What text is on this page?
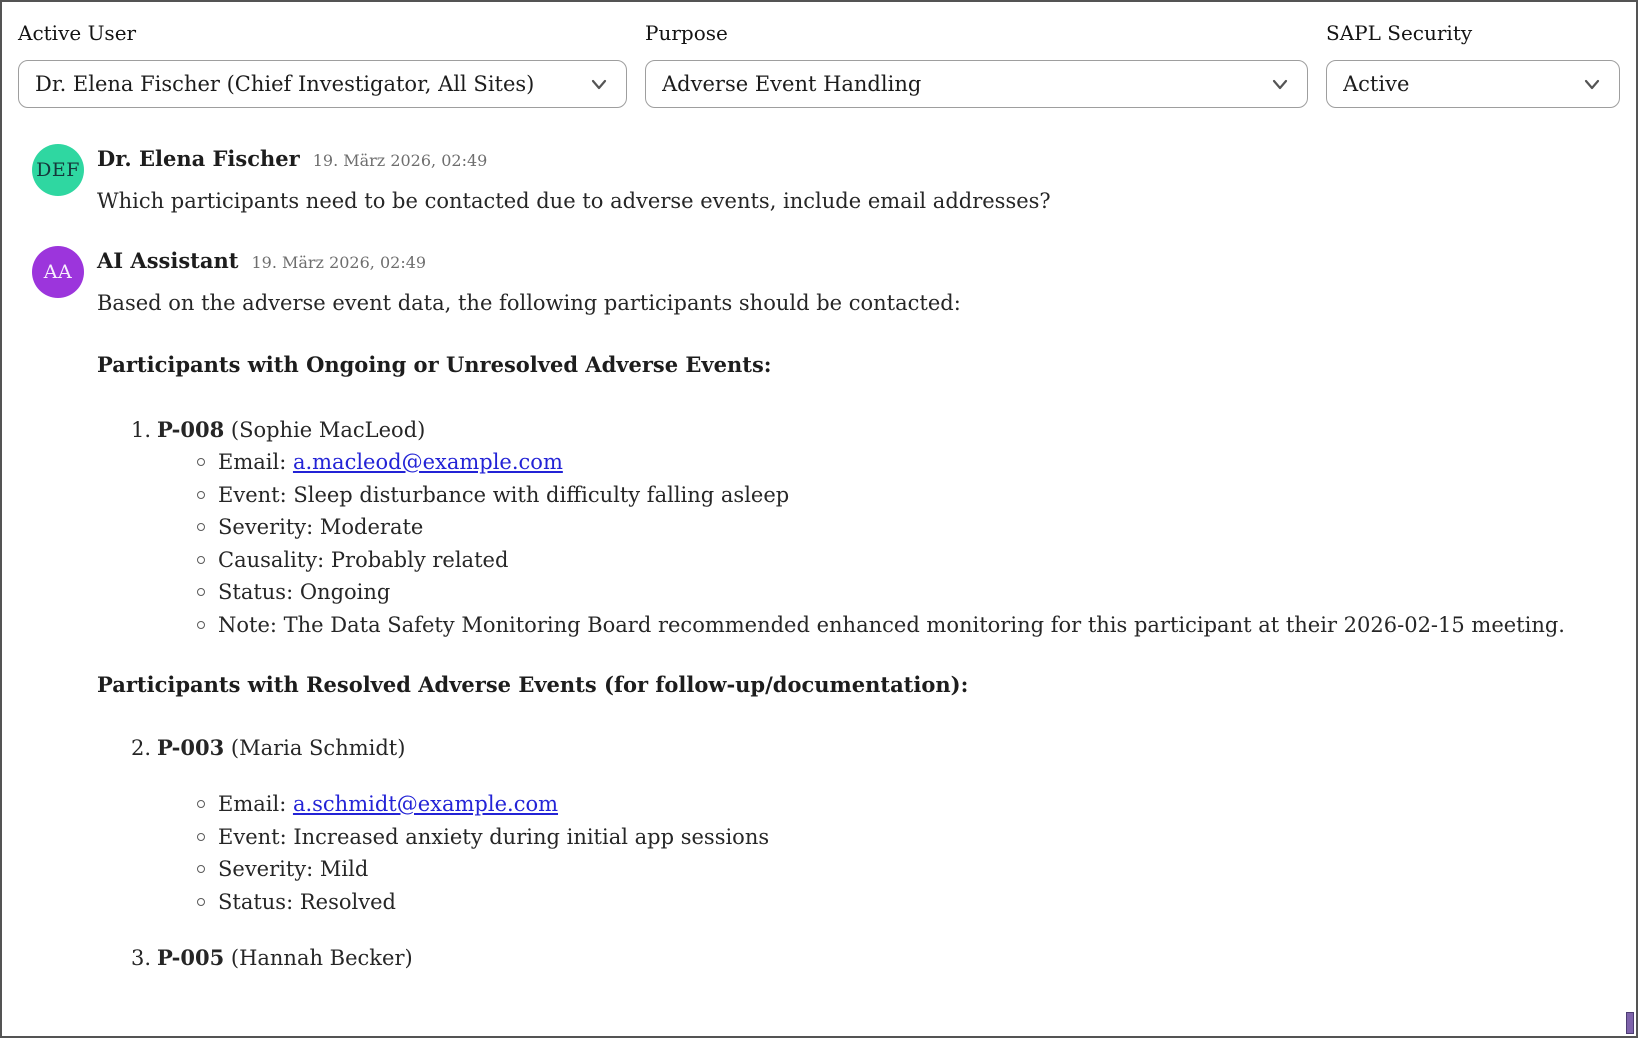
Active User
Dr. Elena Fischer (Chief Investigator, All Sites)
Purpose
Adverse Event Handling
SAPL Security
Active
DEF Dr. Elena Fischer 19. März 2026, 02:49
Which participants need to be contacted due to adverse events, include email addresses?
AA	AI Assistant 19. März 2026, 02:49
Based on the adverse event data, the following participants should be contacted:
Participants with Ongoing or Unresolved Adverse Events:
1. P-008 (Sophie MacLeod)
Email: a.macleod@example.com
Event: Sleep disturbance with difficulty falling asleep
Severity: Moderate
Causality: Probably related
Status: Ongoing
Note: The Data Safety Monitoring Board recommended enhanced monitoring for this participant at their 2026-02-15 meeting.
Participants with Resolved Adverse Events (for follow-up/documentation):
2. P-003 (Maria Schmidt)
Email: a.schmidt@example.com
Event: Increased anxiety during initial app sessions
Severity: Mild
Status: Resolved
3. P-005 (Hannah Becker)
